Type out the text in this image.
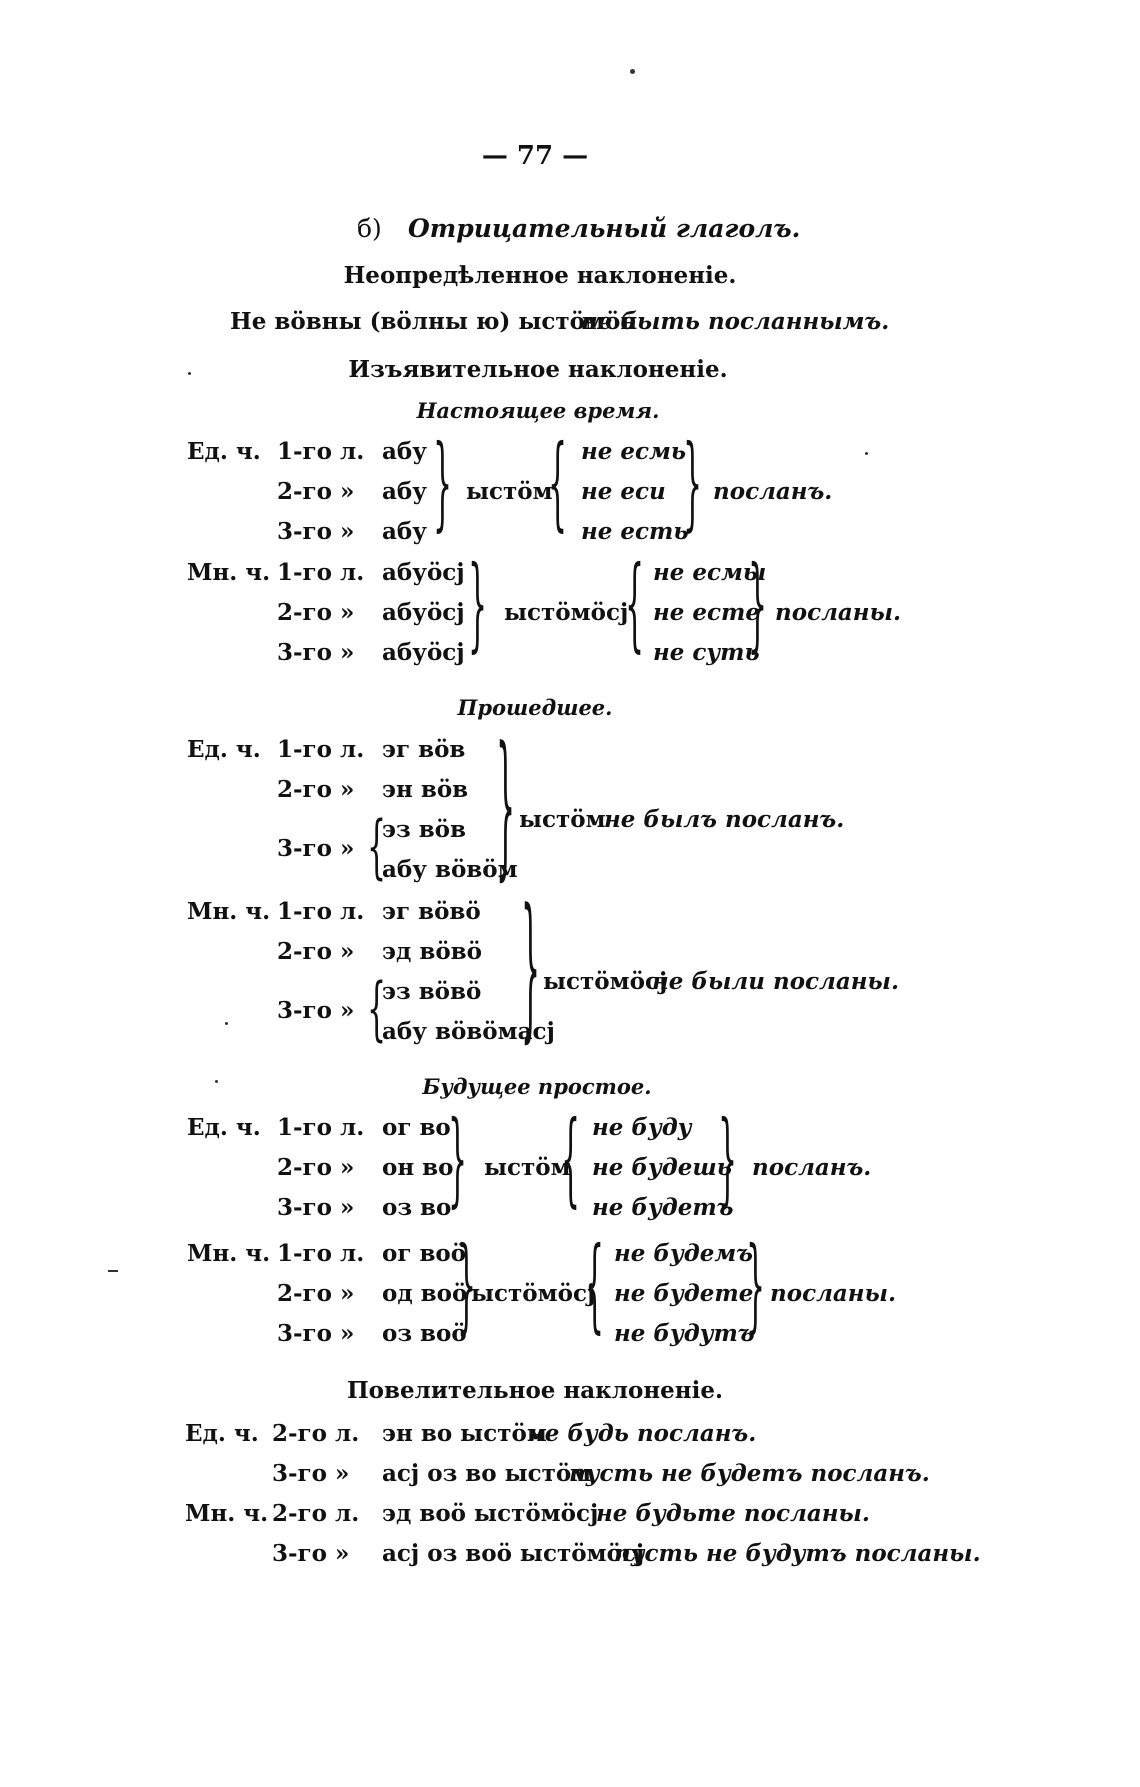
— 77 —
б) Отрицательный глаголъ.
Неопредѣленное наклоненіе.
Не вӧвны (вӧлны ю) ыстӧмӧн
не быть посланнымъ.
Изъявительное наклоненіе.
Настоящее время.
Ед. ч. 1-го л.
2-го »
3-го »
абу
абу
абу } ыстӧм
{ не есмь
не еси
не есть
} посланъ.
Мн. ч. 1-го л.
2-го »
3-го »
абуӧсј
абуӧсј
абуӧсј } ыстӧмӧсј
{ не есмы
не есте
не суть
} посланы.
Прошедшее.
Ед. ч. 1-го л.
2-го »
3-го »
эг вӧв
эн вӧв
{
эз вӧв
абу вӧвӧм
} ыстӧм
не былъ посланъ.
Мн. ч. 1-го л.
2-го »
3-го »
эг вӧвӧ
эд вӧвӧ
{
эз вӧвӧ
абу вӧвӧмасј
} ыстӧмӧсј
не были посланы.
Будущее простое.
Ед. ч. 1-го л.
2-го »
3-го »
ог во
он во
оз во
} ыстӧм
{ не буду
не будешь
не будетъ
} посланъ.
Мн. ч. 1-го л.
2-го »
3-го »
ог воӧ
од воӧ
оз воӧ
}
ыстӧмӧсј
{ не будемъ
не будете
не будутъ
} посланы.
Повелительное наклоненіе.
Ед. ч. 2-го л. эн во ыстӧм
не будь посланъ.
3-го » асј оз во ыстӧм
пусть не будетъ посланъ.
Мн. ч. 2-го л. эд воӧ ыстӧмӧсј
не будьте посланы.
3-го » асј оз воӧ ыстӧмӧсј
пусть не будутъ посланы.
